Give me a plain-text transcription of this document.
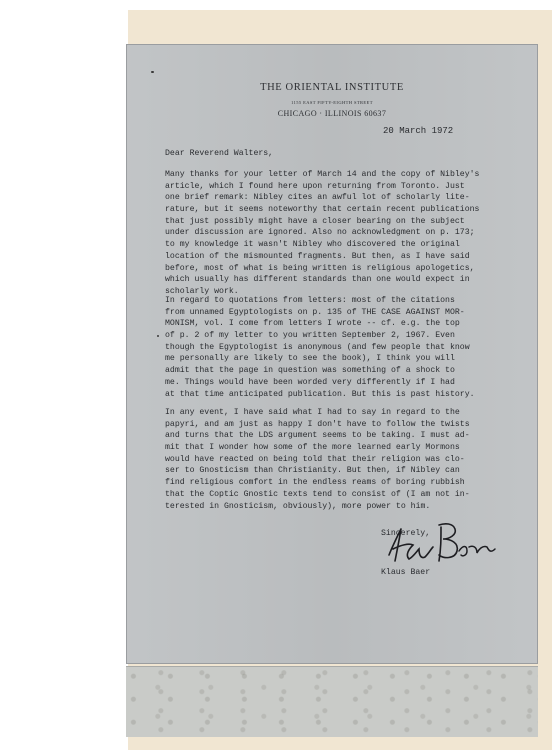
THE ORIENTAL INSTITUTE
1155 EAST FIFTY-EIGHTH STREET
CHICAGO · ILLINOIS 60637
20 March 1972
Dear Reverend Walters,
Many thanks for your letter of March 14 and the copy of Nibley's
article, which I found here upon returning from Toronto. Just
one brief remark: Nibley cites an awful lot of scholarly lite-
rature, but it seems noteworthy that certain recent publications
that just possibly might have a closer bearing on the subject
under discussion are ignored. Also no acknowledgment on p. 173;
to my knowledge it wasn't Nibley who discovered the original
location of the mismounted fragments. But then, as I have said
before, most of what is being written is religious apologetics,
which usually has different standards than one would expect in
scholarly work.
In regard to quotations from letters: most of the citations
from unnamed Egyptologists on p. 135 of THE CASE AGAINST MOR-
MONISM, vol. I come from letters I wrote -- cf. e.g. the top
of p. 2 of my letter to you written September 2, 1967. Even
though the Egyptologist is anonymous (and few people that know
me personally are likely to see the book), I think you will
admit that the page in question was something of a shock to
me. Things would have been worded very differently if I had
at that time anticipated publication. But this is past history.
In any event, I have said what I had to say in regard to the
papyri, and am just as happy I don't have to follow the twists
and turns that the LDS argument seems to be taking. I must ad-
mit that I wonder how some of the more learned early Mormons
would have reacted on being told that their religion was clo-
ser to Gnosticism than Christianity. But then, if Nibley can
find religious comfort in the endless reams of boring rubbish
that the Coptic Gnostic texts tend to consist of (I am not in-
terested in Gnosticism, obviously), more power to him.
Sincerely,
Klaus Baer
